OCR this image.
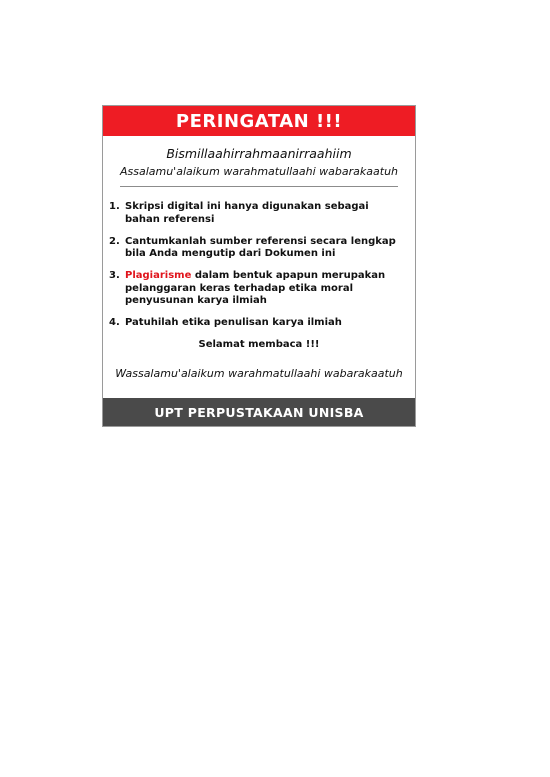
PERINGATAN !!!
Bismillaahirrahmaanirraahiim
Assalamu'alaikum warahmatullaahi wabarakaatuh
1. Skripsi digital ini hanya digunakan sebagai bahan referensi
2. Cantumkanlah sumber referensi secara lengkap bila Anda mengutip dari Dokumen ini
3. Plagiarisme dalam bentuk apapun merupakan pelanggaran keras terhadap etika moral penyusunan karya ilmiah
4. Patuhilah etika penulisan karya ilmiah
Selamat membaca !!!
Wassalamu'alaikum warahmatullaahi wabarakaatuh
UPT PERPUSTAKAAN UNISBA
